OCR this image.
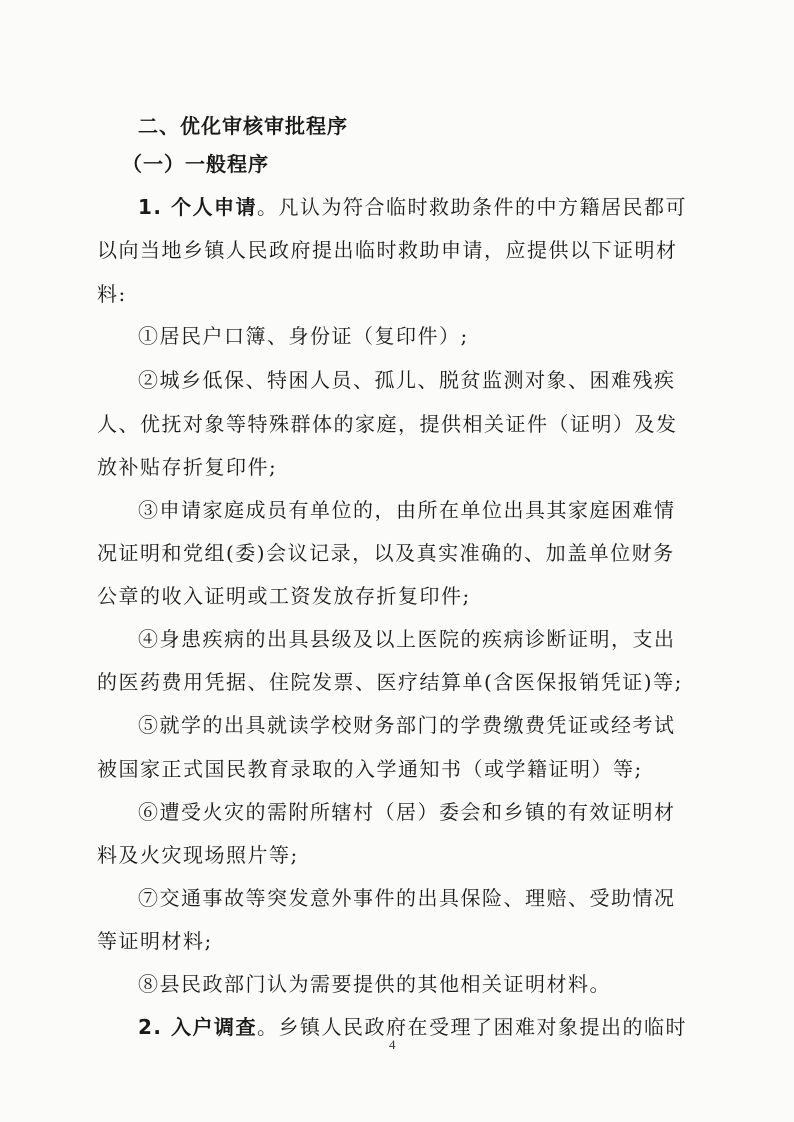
二、优化审核审批程序
（一）一般程序
1. 个人申请。凡认为符合临时救助条件的中方籍居民都可
以向当地乡镇人民政府提出临时救助申请，应提供以下证明材
料:
①居民户口簿、身份证（复印件）;
②城乡低保、特困人员、孤儿、脱贫监测对象、困难残疾
人、优抚对象等特殊群体的家庭，提供相关证件（证明）及发
放补贴存折复印件;
③申请家庭成员有单位的，由所在单位出具其家庭困难情
况证明和党组(委)会议记录，以及真实准确的、加盖单位财务
公章的收入证明或工资发放存折复印件;
④身患疾病的出具县级及以上医院的疾病诊断证明，支出
的医药费用凭据、住院发票、医疗结算单(含医保报销凭证)等;
⑤就学的出具就读学校财务部门的学费缴费凭证或经考试
被国家正式国民教育录取的入学通知书（或学籍证明）等;
⑥遭受火灾的需附所辖村（居）委会和乡镇的有效证明材
料及火灾现场照片等;
⑦交通事故等突发意外事件的出具保险、理赔、受助情况
等证明材料;
⑧县民政部门认为需要提供的其他相关证明材料。
2. 入户调查。乡镇人民政府在受理了困难对象提出的临时
4
